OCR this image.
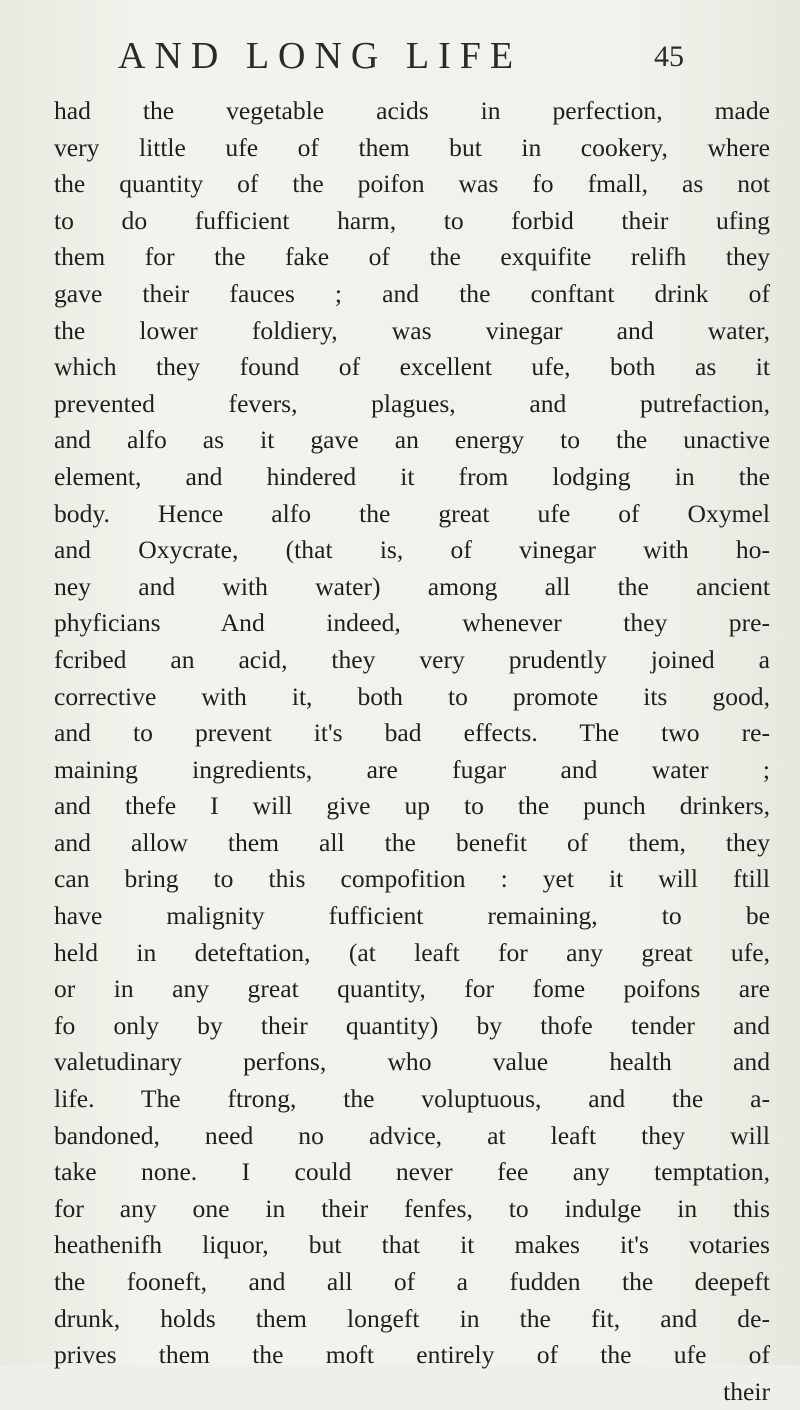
AND LONG LIFE	45
had the vegetable acids in perfection, made
very little ufe of them but in cookery, where
the quantity of the poifon was fo fmall, as not
to do fufficient harm, to forbid their ufing
them for the fake of the exquifite relifh they
gave their fauces ; and the conftant drink of
the lower foldiery, was vinegar and water,
which they found of excellent ufe, both as it
prevented fevers, plagues, and putrefaction,
and alfo as it gave an energy to the unactive
element, and hindered it from lodging in the
body. Hence alfo the great ufe of Oxymel
and Oxycrate, (that is, of vinegar with ho-
ney and with water) among all the ancient
phyficians And indeed, whenever they pre-
fcribed an acid, they very prudently joined a
corrective with it, both to promote its good,
and to prevent it's bad effects. The two re-
maining ingredients, are fugar and water ;
and thefe I will give up to the punch drinkers,
and allow them all the benefit of them, they
can bring to this compofition : yet it will ftill
have malignity fufficient remaining, to be
held in deteftation, (at leaft for any great ufe,
or in any great quantity, for fome poifons are
fo only by their quantity) by thofe tender and
valetudinary perfons, who value health and
life. The ftrong, the voluptuous, and the a-
bandoned, need no advice, at leaft they will
take none. I could never fee any temptation,
for any one in their fenfes, to indulge in this
heathenifh liquor, but that it makes it's votaries
the fooneft, and all of a fudden the deepeft
drunk, holds them longeft in the fit, and de-
prives them the moft entirely of the ufe of
their
